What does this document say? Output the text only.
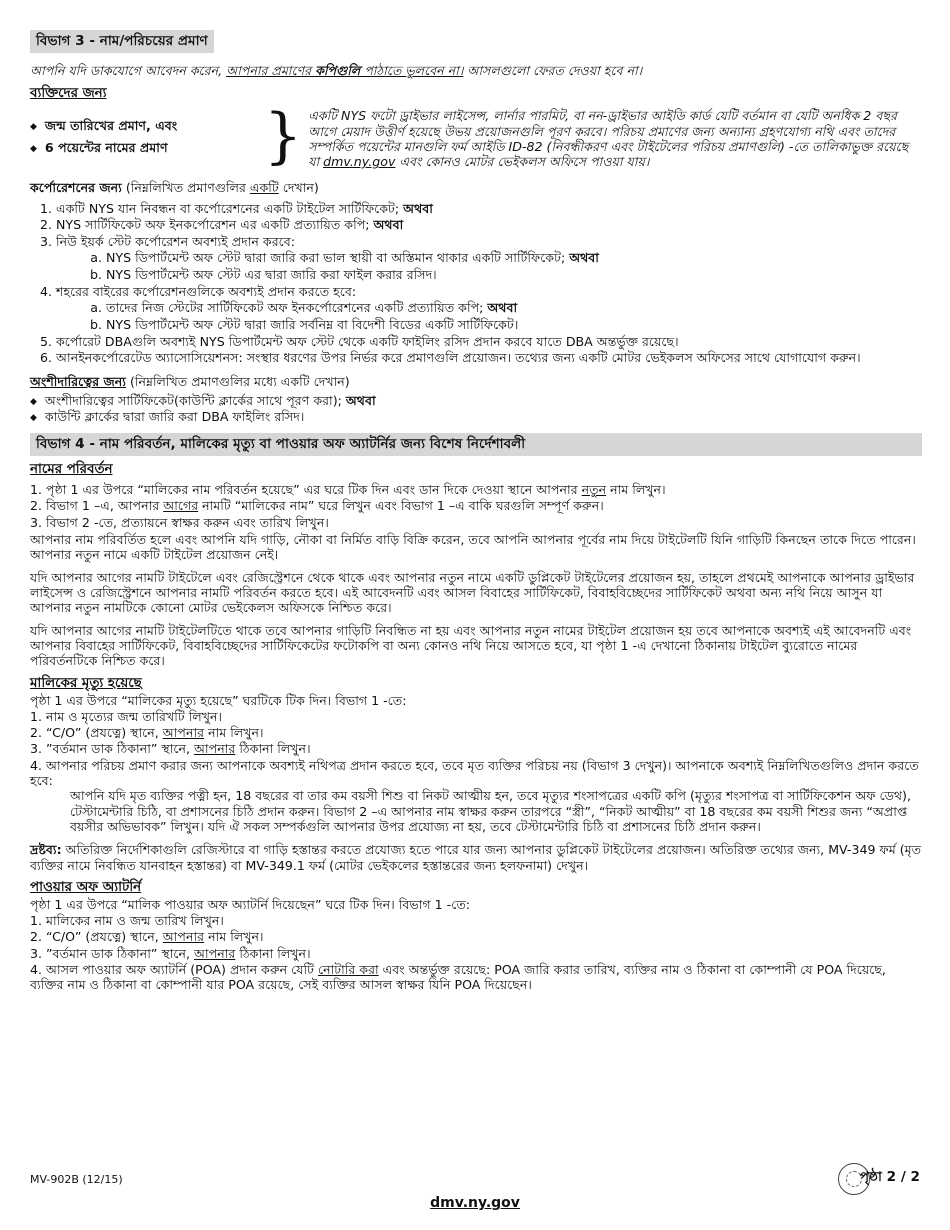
বিভাগ 3 - নাম/পরিচয়ের প্রমাণ

আপনি যদি ডাকযোগে আবেদন করেন, আপনার প্রমাণের কপিগুলি পাঠাতে ভুলবেন না। আসলগুলো ফেরত দেওয়া হবে না।

ব্যক্তিদের জন্য
◆ জন্ম তারিখের প্রমাণ, এবং
◆ 6 পয়েন্টের নামের প্রমাণ	} একটি NYS ফটো ড্রাইভার লাইসেন্স, লার্নার পারমিট, বা নন-ড্রাইভার আইডি কার্ড যেটি বর্তমান বা যেটি অনধিক 2 বছর আগে মেয়াদ উত্তীর্ণ হয়েছে উভয় প্রয়োজনগুলি পূরণ করবে। পরিচয় প্রমাণের জন্য অন্যান্য গ্রহণযোগ্য নথি এবং তাদের সম্পর্কিত পয়েন্টের মানগুলি ফর্ম আইডি ID-82 (নিবন্ধীকরণ এবং টাইটেলের পরিচয় প্রমাণগুলি) -তে তালিকাভুক্ত রয়েছে যা dmv.ny.gov এবং কোনও মোটর ভেইকলস অফিসে পাওয়া যায়।
কর্পোরেশনের জন্য (নিম্নলিখিত প্রমাণগুলির একটি দেখান)
1. একটি NYS যান নিবন্ধন বা কর্পোরেশনের একটি টাইটেল সার্টিফিকেট; অথবা
2. NYS সার্টিফিকেট অফ ইনকর্পোরেশন এর একটি প্রত্যায়িত কপি; অথবা
3. নিউ ইয়র্ক স্টেট কর্পোরেশন অবশ্যই প্রদান করবে:
a. NYS ডিপার্টমেন্ট অফ স্টেট দ্বারা জারি করা ভাল স্থায়ী বা অস্তিমান থাকার একটি সার্টিফিকেট; অথবা
b. NYS ডিপার্টমেন্ট অফ স্টেট এর দ্বারা জারি করা ফাইল করার রসিদ।
4. শহরের বাইরের কর্পোরেশনগুলিকে অবশ্যই প্রদান করতে হবে:
a. তাদের নিজ স্টেটের সার্টিফিকেট অফ ইনকর্পোরেশনের একটি প্রত্যায়িত কপি; অথবা
b. NYS ডিপার্টমেন্ট অফ স্টেট দ্বারা জারি সর্বনিম্ন বা বিদেশী বিডের একটি সার্টিফিকেট।
5. কর্পোরেট DBAগুলি অবশ্যই NYS ডিপার্টমেন্ট অফ স্টেট থেকে একটি ফাইলিং রসিদ প্রদান করবে যাতে DBA অন্তর্ভুক্ত রয়েছে।
6. আনইনকর্পোরেটেড অ্যাসোসিয়েশনস: সংস্থার ধরণের উপর নির্ভর করে প্রমাণগুলি প্রয়োজন। তথ্যের জন্য একটি মোটর ভেইকলস অফিসের সাথে যোগাযোগ করুন।
অংশীদারিত্বের জন্য (নিম্নলিখিত প্রমাণগুলির মধ্যে একটি দেখান)
◆ অংশীদারিত্বের সার্টিফিকেট(কাউন্টি ক্লার্কের সাথে পূরণ করা); অথবা
◆ কাউন্টি ক্লার্কের দ্বারা জারি করা DBA ফাইলিং রসিদ।
বিভাগ 4 - নাম পরিবর্তন, মালিকের মৃত্যু বা পাওয়ার অফ অ্যাটর্নির জন্য বিশেষ নির্দেশাবলী
নামের পরিবর্তন
1. পৃষ্ঠা 1 এর উপরে “মালিকের নাম পরিবর্তন হয়েছে” এর ঘরে টিক দিন এবং ডান দিকে দেওয়া স্থানে আপনার নতুন নাম লিখুন।
2. বিভাগ 1 –এ, আপনার আগের নামটি “মালিকের নাম” ঘরে লিখুন এবং বিভাগ 1 –এ বাকি ঘরগুলি সম্পূর্ণ করুন।
3. বিভাগ 2 -তে, প্রত্যায়নে স্বাক্ষর করুন এবং তারিখ লিখুন।

আপনার নাম পরিবর্তিত হলে এবং আপনি যদি গাড়ি, নৌকা বা নির্মিত বাড়ি বিক্রি করেন, তবে আপনি আপনার পূর্বের নাম দিয়ে টাইটেলটি যিনি গাড়িটি কিনছেন তাকে দিতে পারেন। আপনার নতুন নামে একটি টাইটেল প্রয়োজন নেই।

যদি আপনার আগের নামটি টাইটেলে এবং রেজিস্ট্রেশনে থেকে থাকে এবং আপনার নতুন নামে একটি ডুপ্লিকেট টাইটেলের প্রয়োজন হয়, তাহলে প্রথমেই আপনাকে আপনার ড্রাইভার লাইসেন্স ও রেজিস্ট্রেশনে আপনার নামটি পরিবর্তন করতে হবে। এই আবেদনটি এবং আসল বিবাহের সার্টিফিকেট, বিবাহবিচ্ছেদের সার্টিফিকেট অথবা অন্য নথি নিয়ে আসুন যা আপনার নতুন নামটিকে কোনো মোটর ভেইকেলস অফিসকে নিশ্চিত করে।

যদি আপনার আগের নামটি টাইটেলটিতে থাকে তবে আপনার গাড়িটি নিবন্ধিত না হয় এবং আপনার নতুন নামের টাইটেল প্রয়োজন হয় তবে আপনাকে অবশ্যই এই আবেদনটি এবং আপনার বিবাহের সার্টিফিকেট, বিবাহবিচ্ছেদের সার্টিফিকেটের ফটোকপি বা অন্য কোনও নথি নিয়ে আসতে হবে, যা পৃষ্ঠা 1 -এ দেখানো ঠিকানায় টাইটেল ব্যুরোতে নামের পরিবর্তনটিকে নিশ্চিত করে।

মালিকের মৃত্যু হয়েছে
পৃষ্ঠা 1 এর উপরে “মালিকের মৃত্যু হয়েছে” ঘরটিকে টিক দিন। বিভাগ 1 -তে:
1. নাম ও মৃত্যের জন্ম তারিখটি লিখুন।
2. “C/O” (প্রযত্নে) স্থানে, আপনার নাম লিখুন।
3. ”বর্তমান ডাক ঠিকানা” স্থানে, আপনার ঠিকানা লিখুন।
4. আপনার পরিচয় প্রমাণ করার জন্য আপনাকে অবশ্যই নথিপত্র প্রদান করতে হবে, তবে মৃত ব্যক্তির পরিচয় নয় (বিভাগ 3 দেখুন)। আপনাকে অবশ্যই নিম্নলিখিতগুলিও প্রদান করতে হবে:
আপনি যদি মৃত ব্যক্তির পত্নী হন, 18 বছরের বা তার কম বয়সী শিশু বা নিকট আত্মীয় হন, তবে মৃত্যুর শংসাপত্রের একটি কপি (মৃত্যুর শংসাপত্র বা সার্টিফিকেশন অফ ডেথ), টেস্টামেন্টারি চিঠি, বা প্রশাসনের চিঠি প্রদান করুন। বিভাগ 2 –এ আপনার নাম স্বাক্ষর করুন তারপরে “স্ত্রী”, “নিকট আত্মীয়” বা 18 বছরের কম বয়সী শিশুর জন্য “অপ্রাপ্ত বয়সীর অভিভাবক” লিখুন। যদি ঐ সকল সম্পর্কগুলি আপনার উপর প্রযোজ্য না হয়, তবে টেস্টামেন্টারি চিঠি বা প্রশাসনের চিঠি প্রদান করুন।

দ্রষ্টব্য: অতিরিক্ত নির্দেশিকাগুলি রেজিস্টারে বা গাড়ি হস্তান্তর করতে প্রযোজ্য হতে পারে যার জন্য আপনার ডুপ্লিকেট টাইটেলের প্রয়োজন। অতিরিক্ত তথ্যের জন্য, MV-349 ফর্ম (মৃত ব্যক্তির নামে নিবন্ধিত যানবাহন হস্তান্তর) বা MV-349.1 ফর্ম (মোটর ভেইকলের হস্তান্তরের জন্য হলফনামা) দেখুন।

পাওয়ার অফ অ্যাটর্নি
পৃষ্ঠা 1 এর উপরে “মালিক পাওয়ার অফ অ্যাটর্নি দিয়েছেন” ঘরে টিক দিন। বিভাগ 1 -তে:
1. মালিকের নাম ও জন্ম তারিখ লিখুন।
2. “C/O” (প্রযত্নে) স্থানে, আপনার নাম লিখুন।
3. ”বর্তমান ডাক ঠিকানা” স্থানে, আপনার ঠিকানা লিখুন।
4. আসল পাওয়ার অফ অ্যাটর্নি (POA) প্রদান করুন যেটি নোটারি করা এবং অন্তর্ভুক্ত রয়েছে: POA জারি করার তারিখ, ব্যক্তির নাম ও ঠিকানা বা কোম্পানী যে POA দিয়েছে, ব্যক্তির নাম ও ঠিকানা বা কোম্পানী যার POA রয়েছে, সেই ব্যক্তির আসল স্বাক্ষর যিনি POA দিয়েছেন।
MV-902B (12/15)
dmv.ny.gov
পৃষ্ঠা 2 / 2
